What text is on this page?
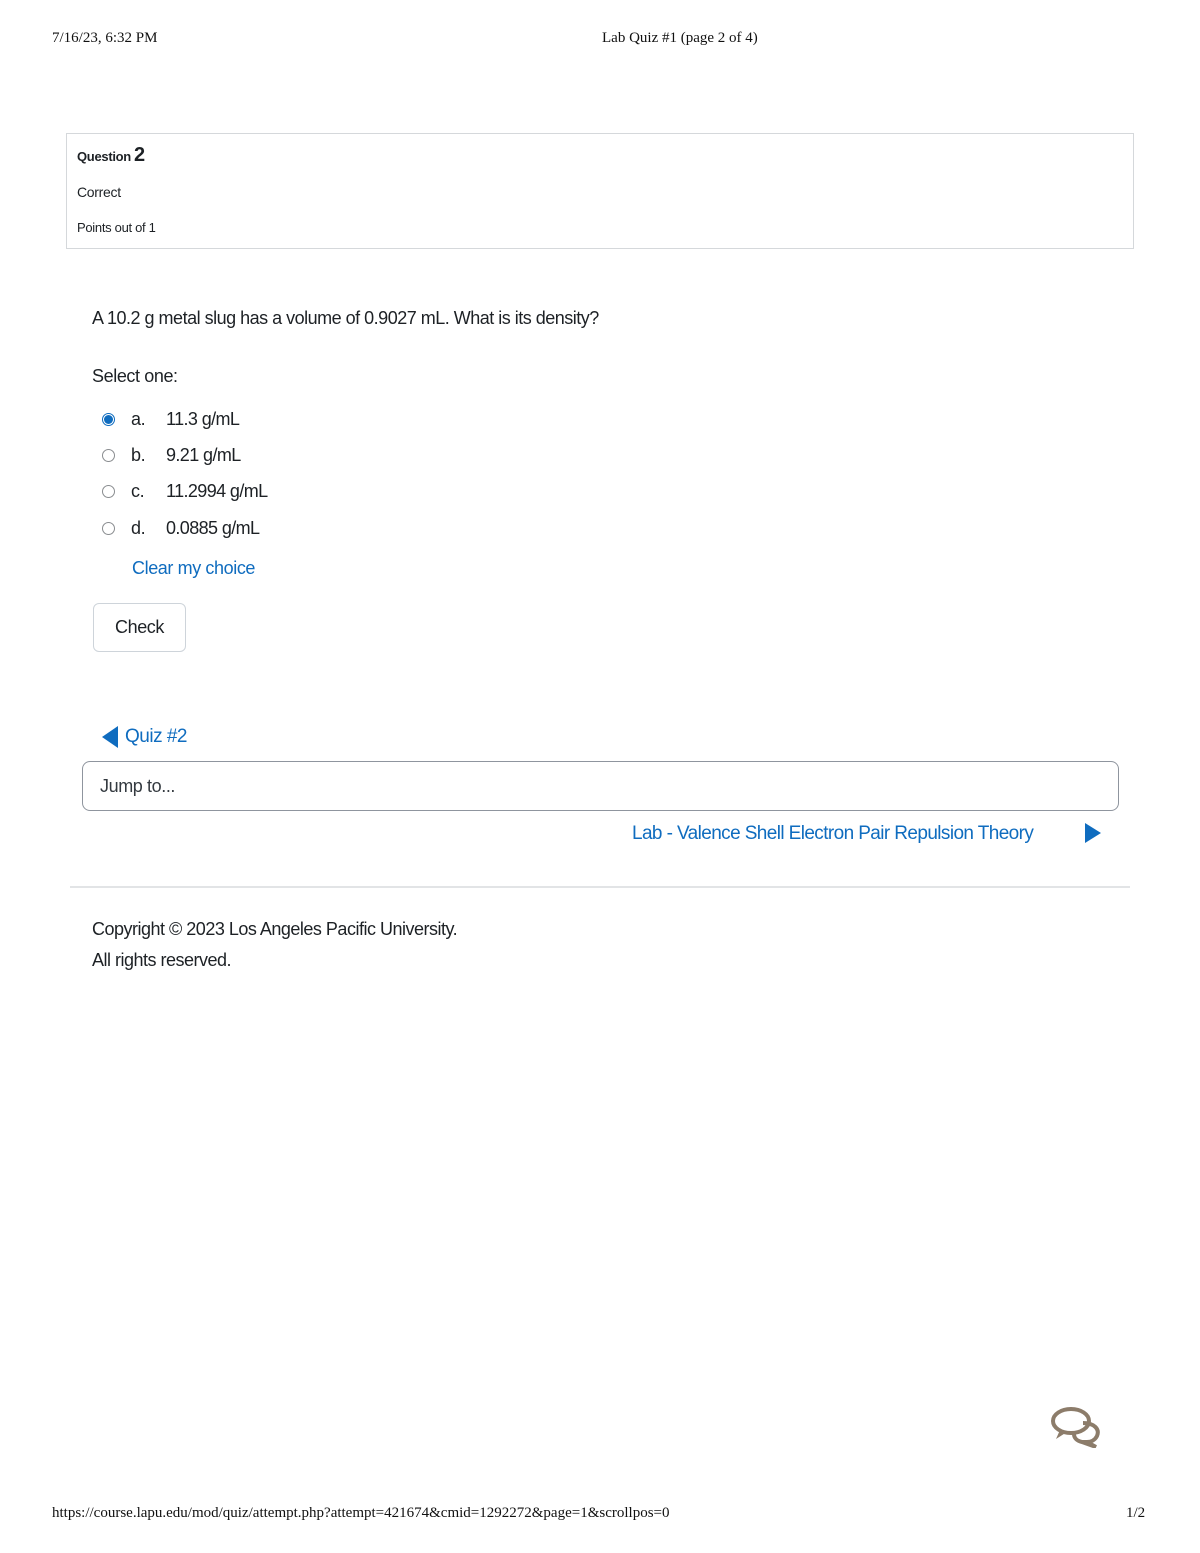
7/16/23, 6:32 PM	Lab Quiz #1 (page 2 of 4)
Question 2
Correct
Points out of 1
A 10.2 g metal slug has a volume of 0.9027 mL. What is its density?
Select one:
a. 11.3 g/mL
b. 9.21 g/mL
c. 11.2994 g/mL
d. 0.0885 g/mL
Clear my choice
Check
Quiz #2
Jump to...
Lab - Valence Shell Electron Pair Repulsion Theory
Copyright © 2023 Los Angeles Pacific University.
All rights reserved.
https://course.lapu.edu/mod/quiz/attempt.php?attempt=421674&cmid=1292272&page=1&scrollpos=0	1/2
